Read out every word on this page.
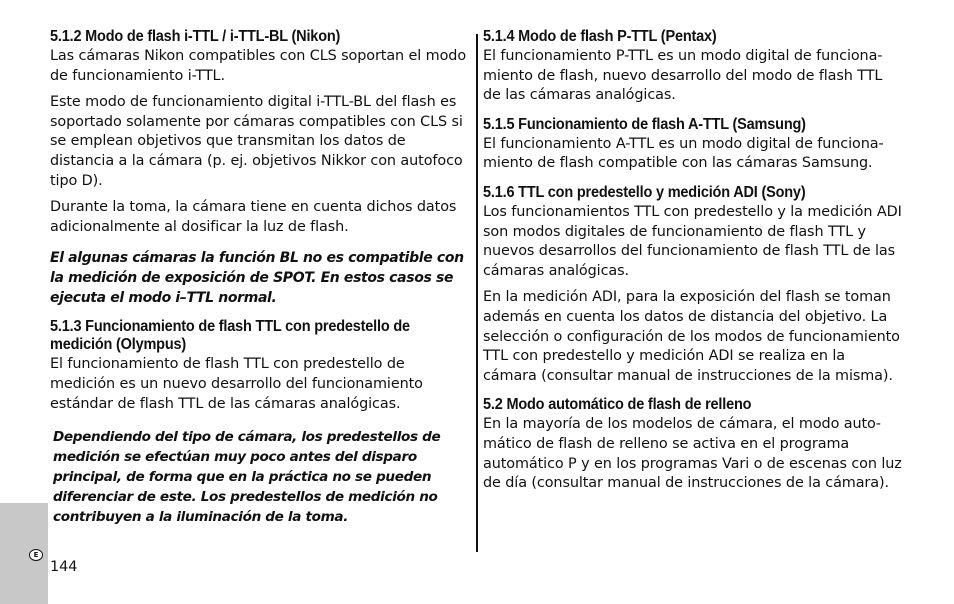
5.1.2 Modo de flash i-TTL / i-TTL-BL (Nikon)

Las cámaras Nikon compatibles con CLS soportan el modo de funcionamiento i-TTL.

Este modo de funcionamiento digital i-TTL-BL del flash es soportado solamente por cámaras compatibles con CLS si se emplean objetivos que transmitan los datos de distancia a la cámara (p. ej. objetivos Nikkor con autofoco tipo D).

Durante la toma, la cámara tiene en cuenta dichos datos adicionalmente al dosificar la luz de flash.

El algunas cámaras la función BL no es compatible con la medición de exposición de SPOT. En estos casos se ejecuta el modo i–TTL normal.

5.1.3 Funcionamiento de flash TTL con predestello de medición (Olympus)

El funcionamiento de flash TTL con predestello de medición es un nuevo desarrollo del funcionamiento estándar de flash TTL de las cámaras analógicas.

Dependiendo del tipo de cámara, los predestellos de medición se efectúan muy poco antes del disparo principal, de forma que en la práctica no se pueden diferenciar de este. Los predestellos de medición no contribuyen a la iluminación de la toma.

5.1.4 Modo de flash P-TTL (Pentax)

El funcionamiento P-TTL es un modo digital de funcionamiento de flash, nuevo desarrollo del modo de flash TTL de las cámaras analógicas.

5.1.5 Funcionamiento de flash A-TTL (Samsung)

El funcionamiento A-TTL es un modo digital de funcionamiento de flash compatible con las cámaras Samsung.

5.1.6 TTL con predestello y medición ADI (Sony)

Los funcionamientos TTL con predestello y la medición ADI son modos digitales de funcionamiento de flash TTL y nuevos desarrollos del funcionamiento de flash TTL de las cámaras analógicas.

En la medición ADI, para la exposición del flash se toman además en cuenta los datos de distancia del objetivo. La selección o configuración de los modos de funcionamiento TTL con predestello y medición ADI se realiza en la cámara (consultar manual de instrucciones de la misma).

5.2 Modo automático de flash de relleno

En la mayoría de los modelos de cámara, el modo automático de flash de relleno se activa en el programa automático P y en los programas Vari o de escenas con luz de día (consultar manual de instrucciones de la cámara).

E
144
